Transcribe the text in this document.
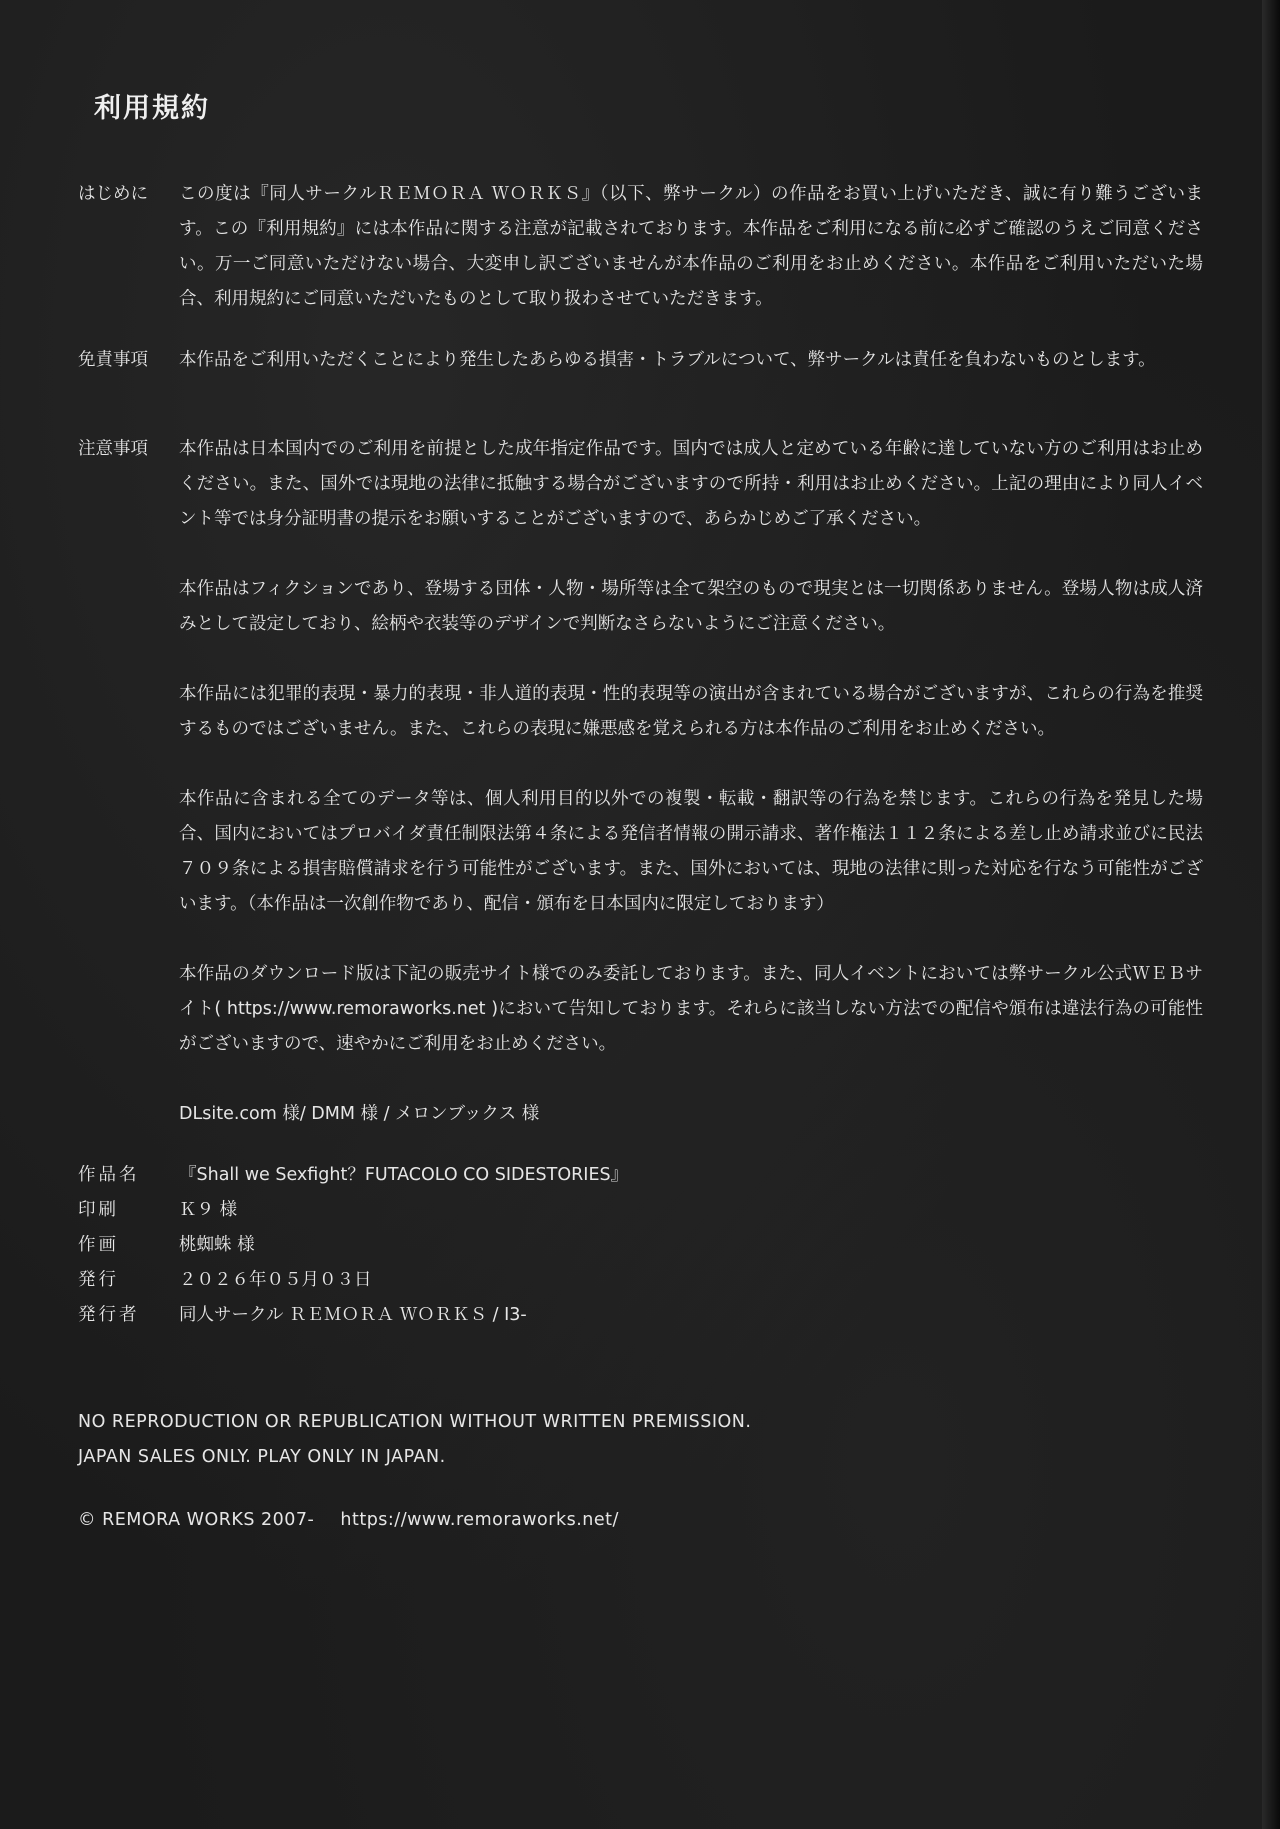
利用規約
はじめに	この度は『同人サークルＲＥＭＯＲＡ ＷＯＲＫＳ』（以下、弊サークル）の作品をお買い上げいただき、誠に有り難うございます。この『利用規約』には本作品に関する注意が記載されております。本作品をご利用になる前に必ずご確認のうえご同意ください。万一ご同意いただけない場合、大変申し訳ございませんが本作品のご利用をお止めください。本作品をご利用いただいた場合、利用規約にご同意いただいたものとして取り扱わさせていただきます。

免責事項	本作品をご利用いただくことにより発生したあらゆる損害・トラブルについて、弊サークルは責任を負わないものとします。

注意事項	本作品は日本国内でのご利用を前提とした成年指定作品です。国内では成人と定めている年齢に達していない方のご利用はお止めください。また、国外では現地の法律に抵触する場合がございますので所持・利用はお止めください。上記の理由により同人イベント等では身分証明書の提示をお願いすることがございますので、あらかじめご了承ください。

本作品はフィクションであり、登場する団体・人物・場所等は全て架空のもので現実とは一切関係ありません。登場人物は成人済みとして設定しており、絵柄や衣装等のデザインで判断なさらないようにご注意ください。

本作品には犯罪的表現・暴力的表現・非人道的表現・性的表現等の演出が含まれている場合がございますが、これらの行為を推奨するものではございません。また、これらの表現に嫌悪感を覚えられる方は本作品のご利用をお止めください。

本作品に含まれる全てのデータ等は、個人利用目的以外での複製・転載・翻訳等の行為を禁じます。これらの行為を発見した場合、国内においてはプロバイダ責任制限法第４条による発信者情報の開示請求、著作権法１１２条による差し止め請求並びに民法７０９条による損害賠償請求を行う可能性がございます。また、国外においては、現地の法律に則った対応を行なう可能性がございます。（本作品は一次創作物であり、配信・頒布を日本国内に限定しております）

本作品のダウンロード版は下記の販売サイト様でのみ委託しております。また、同人イベントにおいては弊サークル公式ＷＥＢサイト( https://www.remoraworks.net )において告知しております。それらに該当しない方法での配信や頒布は違法行為の可能性がございますので、速やかにご利用をお止めください。

DLsite.com 様/ DMM 様 / メロンブックス 様

作品名	『Shall we Sexfight？FUTACOLO CO SIDESTORIES』
印刷	Ｋ９ 様
作画	桃蜘蛛 様
発行	２０２６年０５月０３日
発行者	同人サークル ＲＥＭＯＲＡ ＷＯＲＫＳ / I3-
NO REPRODUCTION OR REPUBLICATION WITHOUT WRITTEN PREMISSION.
JAPAN SALES ONLY. PLAY ONLY IN JAPAN.
© REMORA WORKS 2007- https://www.remoraworks.net/
